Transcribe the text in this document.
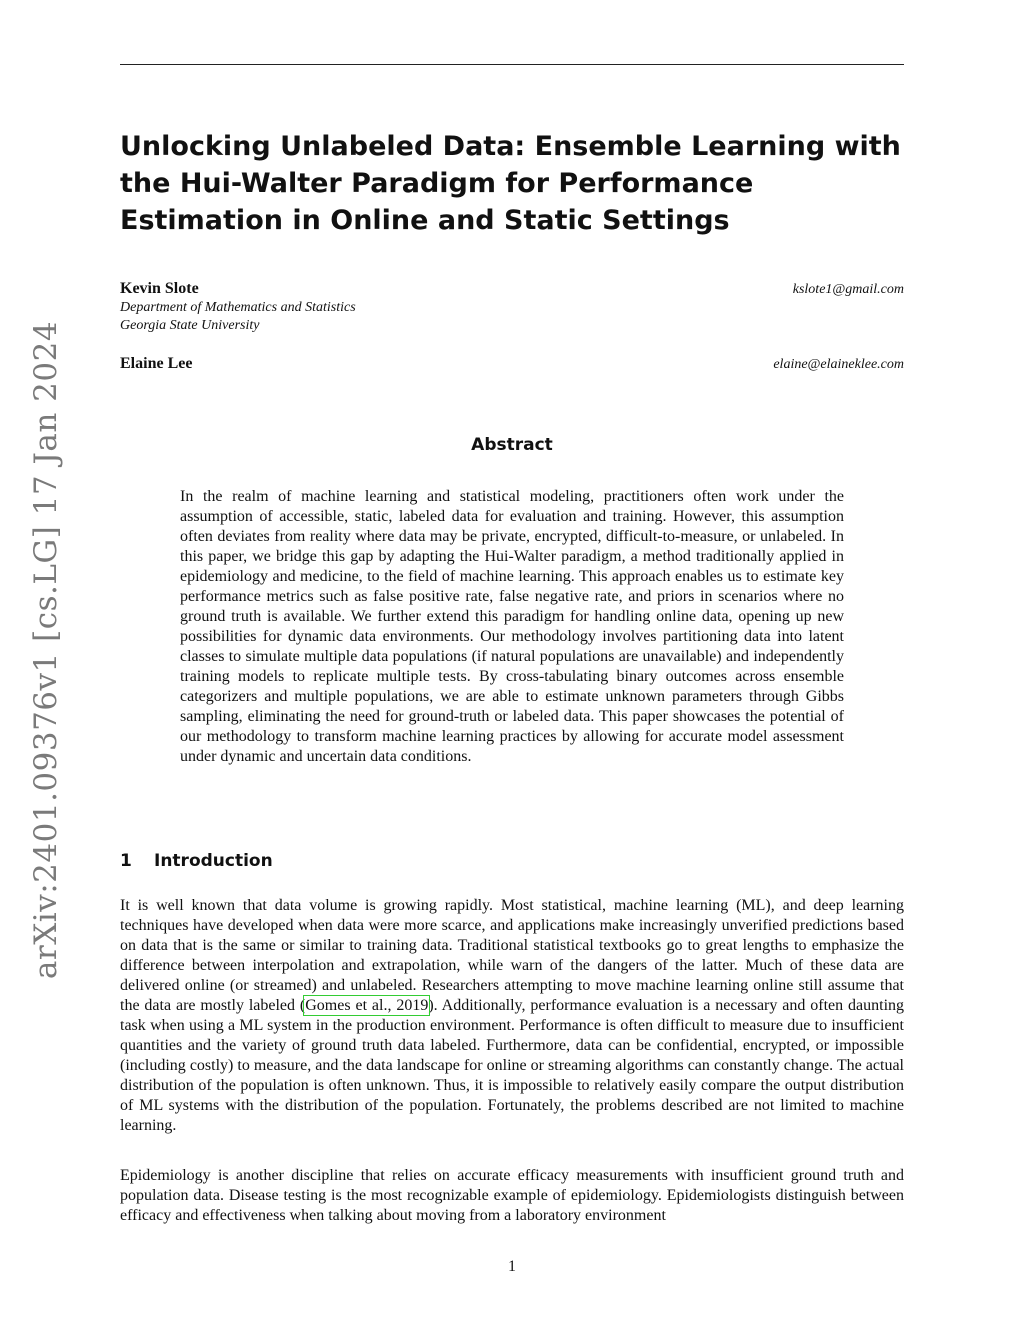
arXiv:2401.09376v1 [cs.LG] 17 Jan 2024
Unlocking Unlabeled Data: Ensemble Learning with the Hui-Walter Paradigm for Performance Estimation in Online and Static Settings
Kevin Slote	kslote1@gmail.com
Department of Mathematics and Statistics
Georgia State University
Elaine Lee	elaine@elaineklee.com
Abstract

In the realm of machine learning and statistical modeling, practitioners often work under the assumption of accessible, static, labeled data for evaluation and training. However, this assumption often deviates from reality where data may be private, encrypted, difficult-to-measure, or unlabeled. In this paper, we bridge this gap by adapting the Hui-Walter paradigm, a method traditionally applied in epidemiology and medicine, to the field of machine learning. This approach enables us to estimate key performance metrics such as false positive rate, false negative rate, and priors in scenarios where no ground truth is available. We further extend this paradigm for handling online data, opening up new possibilities for dynamic data environments. Our methodology involves partitioning data into latent classes to simulate multiple data populations (if natural populations are unavailable) and independently training models to replicate multiple tests. By cross-tabulating binary outcomes across ensemble categorizers and multiple populations, we are able to estimate unknown parameters through Gibbs sampling, eliminating the need for ground-truth or labeled data. This paper showcases the potential of our methodology to transform machine learning practices by allowing for accurate model assessment under dynamic and uncertain data conditions.

1 Introduction

It is well known that data volume is growing rapidly. Most statistical, machine learning (ML), and deep learning techniques have developed when data were more scarce, and applications make increasingly unverified predictions based on data that is the same or similar to training data. Traditional statistical textbooks go to great lengths to emphasize the difference between interpolation and extrapolation, while warn of the dangers of the latter. Much of these data are delivered online (or streamed) and unlabeled. Researchers attempting to move machine learning online still assume that the data are mostly labeled (Gomes et al., 2019). Additionally, performance evaluation is a necessary and often daunting task when using a ML system in the production environment. Performance is often difficult to measure due to insufficient quantities and the variety of ground truth data labeled. Furthermore, data can be confidential, encrypted, or impossible (including costly) to measure, and the data landscape for online or streaming algorithms can constantly change. The actual distribution of the population is often unknown. Thus, it is impossible to relatively easily compare the output distribution of ML systems with the distribution of the population. Fortunately, the problems described are not limited to machine learning.

Epidemiology is another discipline that relies on accurate efficacy measurements with insufficient ground truth and population data. Disease testing is the most recognizable example of epidemiology. Epidemiologists distinguish between efficacy and effectiveness when talking about moving from a laboratory environment

1
